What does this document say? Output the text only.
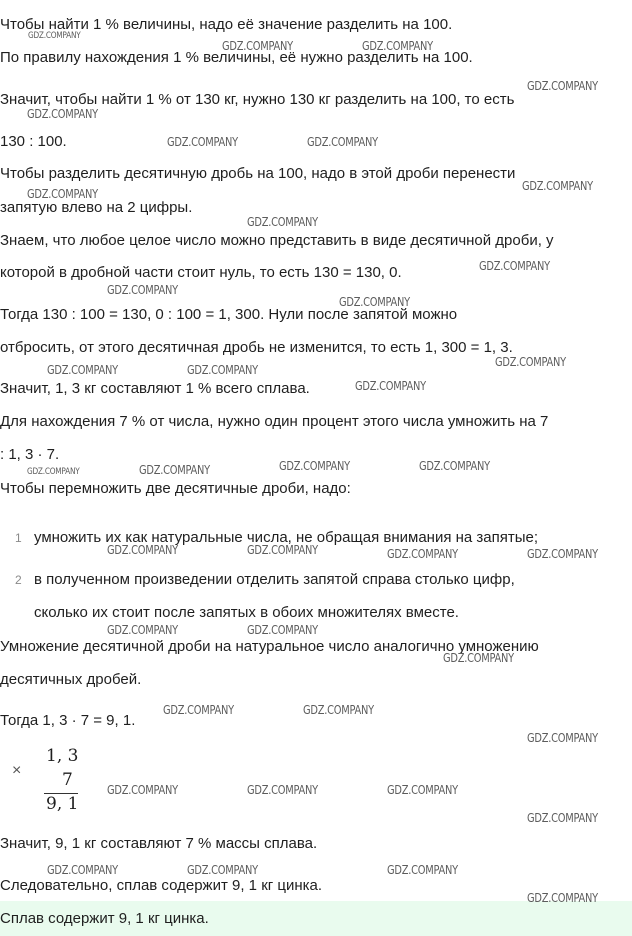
Чтобы найти 1 % величины, надо её значение разделить на 100.
По правилу нахождения 1 % величины, её нужно разделить на 100.
Значит, чтобы найти 1 % от 130 кг, нужно 130 кг разделить на 100, то есть
130 : 100.
Чтобы разделить десятичную дробь на 100, надо в этой дроби перенести
запятую влево на 2 цифры.
Знаем, что любое целое число можно представить в виде десятичной дроби, у
которой в дробной части стоит нуль, то есть 130 = 130, 0.
Тогда 130 : 100 = 130, 0 : 100 = 1, 300. Нули после запятой можно
отбросить, от этого десятичная дробь не изменится, то есть 1, 300 = 1, 3.
Значит, 1, 3 кг составляют 1 % всего сплава.
Для нахождения 7 % от числа, нужно один процент этого числа умножить на 7
: 1, 3 · 7.
Чтобы перемножить две десятичные дроби, надо:
1 умножить их как натуральные числа, не обращая внимания на запятые;
2 в полученном произведении отделить запятой справа столько цифр,
сколько их стоит после запятых в обоих множителях вместе.
Умножение десятичной дроби на натуральное число аналогично умножению
десятичных дробей.
Тогда 1, 3 · 7 = 9, 1.
×
1, 3
7
9, 1
Значит, 9, 1 кг составляют 7 % массы сплава.
Следовательно, сплав содержит 9, 1 кг цинка.
Сплав содержит 9, 1 кг цинка.
GDZ.COMPANY
GDZ.COMPANY	GDZ.COMPANY
GDZ.COMPANY
GDZ.COMPANY
GDZ.COMPANY	GDZ.COMPANY
GDZ.COMPANY
GDZ.COMPANY
GDZ.COMPANY
GDZ.COMPANY
GDZ.COMPANY
GDZ.COMPANY
GDZ.COMPANY
GDZ.COMPANY	GDZ.COMPANY
GDZ.COMPANY
GDZ.COMPANY	GDZ.COMPANY	GDZ.COMPANY	GDZ.COMPANY
GDZ.COMPANY	GDZ.COMPANY	GDZ.COMPANY	GDZ.COMPANY
GDZ.COMPANY	GDZ.COMPANY
GDZ.COMPANY
GDZ.COMPANY	GDZ.COMPANY
GDZ.COMPANY
GDZ.COMPANY	GDZ.COMPANY	GDZ.COMPANY
GDZ.COMPANY
GDZ.COMPANY	GDZ.COMPANY	GDZ.COMPANY
GDZ.COMPANY
